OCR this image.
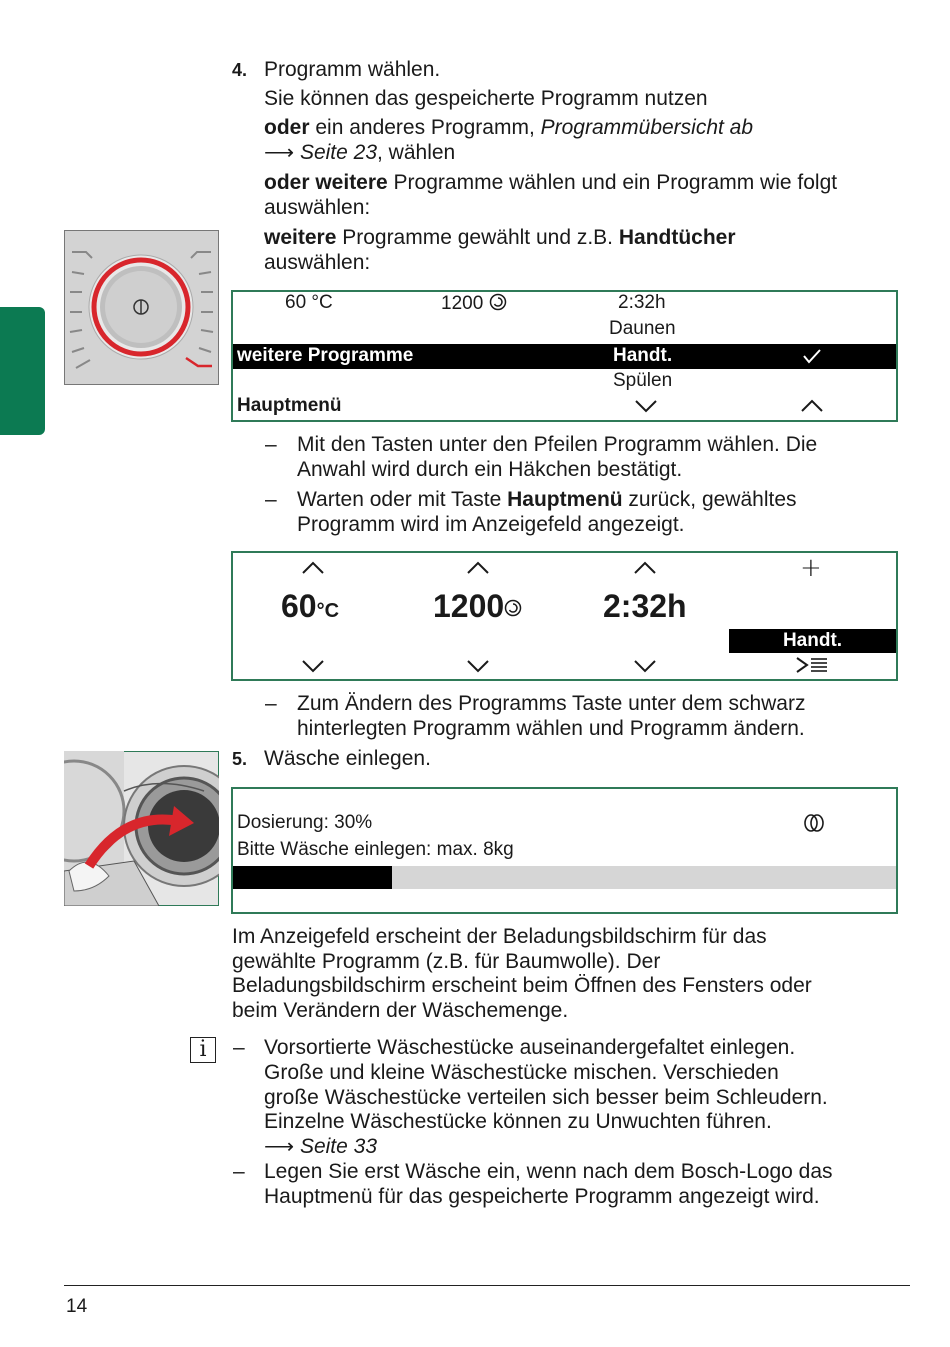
4. Programm wählen.
Sie können das gespeicherte Programm nutzen
oder ein anderes Programm, Programmübersicht ab
⟶ Seite 23, wählen
oder weitere Programme wählen und ein Programm wie folgt
auswählen:
weitere Programme gewählt und z.B. Handtücher
auswählen:
60 °C	1200	2:32h
Daunen
weitere Programme	Handt.
Spülen
Hauptmenü
– Mit den Tasten unter den Pfeilen Programm wählen. Die
Anwahl wird durch ein Häkchen bestätigt.
– Warten oder mit Taste Hauptmenü zurück, gewähltes
Programm wird im Anzeigefeld angezeigt.
+
60°C	1200	2:32h
Handt.
– Zum Ändern des Programms Taste unter dem schwarz
hinterlegten Programm wählen und Programm ändern.
5. Wäsche einlegen.
Dosierung: 30%
Bitte Wäsche einlegen: max. 8kg
Im Anzeigefeld erscheint der Beladungsbildschirm für das
gewählte Programm (z.B. für Baumwolle). Der
Beladungsbildschirm erscheint beim Öffnen des Fensters oder
beim Verändern der Wäschemenge.
i	– Vorsortierte Wäschestücke auseinandergefaltet einlegen.
Große und kleine Wäschestücke mischen. Verschieden
große Wäschestücke verteilen sich besser beim Schleudern.
Einzelne Wäschestücke können zu Unwuchten führen.
⟶ Seite 33
– Legen Sie erst Wäsche ein, wenn nach dem Bosch-Logo das
Hauptmenü für das gespeicherte Programm angezeigt wird.
14
